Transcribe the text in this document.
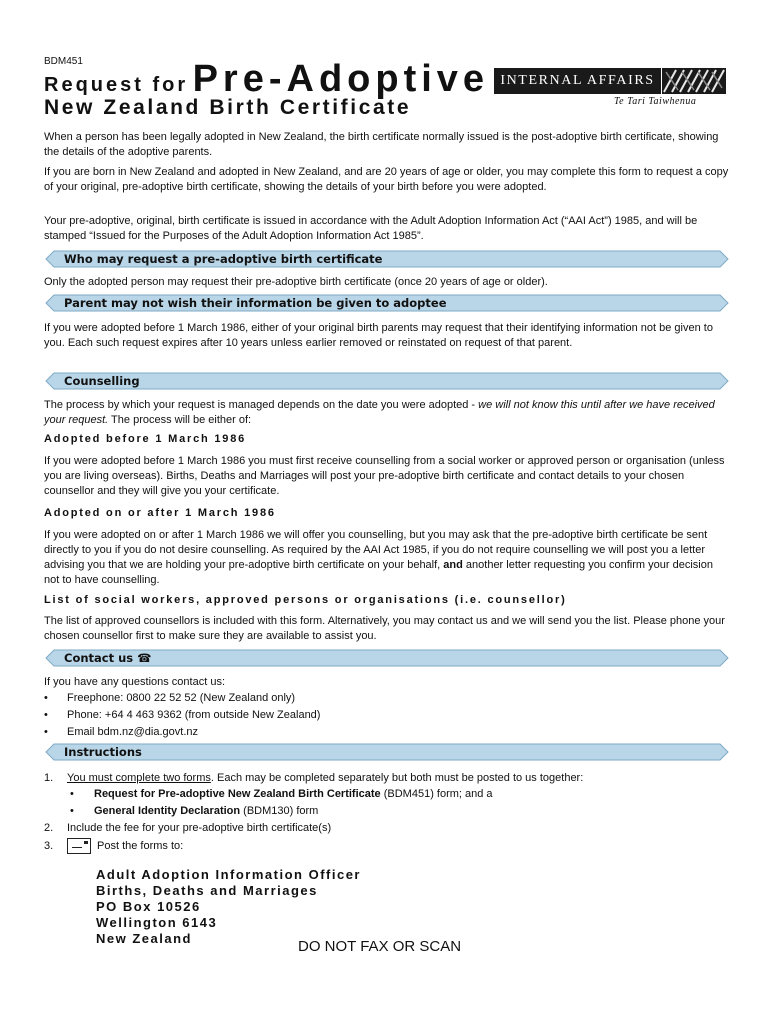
BDM451
Request for Pre-Adoptive
New Zealand Birth Certificate
INTERNAL AFFAIRS
Te Tari Taiwhenua
When a person has been legally adopted in New Zealand, the birth certificate normally issued is the post-adoptive birth certificate, showing the details of the adoptive parents.
If you are born in New Zealand and adopted in New Zealand, and are 20 years of age or older, you may complete this form to request a copy of your original, pre-adoptive birth certificate, showing the details of your birth before you were adopted.
Your pre-adoptive, original, birth certificate is issued in accordance with the Adult Adoption Information Act (“AAI Act”) 1985, and will be stamped “Issued for the Purposes of the Adult Adoption Information Act 1985”.
Who may request a pre-adoptive birth certificate
Only the adopted person may request their pre-adoptive birth certificate (once 20 years of age or older).
Parent may not wish their information be given to adoptee
If you were adopted before 1 March 1986, either of your original birth parents may request that their identifying information not be given to you. Each such request expires after 10 years unless earlier removed or reinstated on request of that parent.
Counselling
The process by which your request is managed depends on the date you were adopted - we will not know this until after we have received your request. The process will be either of:
Adopted before 1 March 1986
If you were adopted before 1 March 1986 you must first receive counselling from a social worker or approved person or organisation (unless you are living overseas). Births, Deaths and Marriages will post your pre-adoptive birth certificate and contact details to your chosen counsellor and they will give you your certificate.
Adopted on or after 1 March 1986
If you were adopted on or after 1 March 1986 we will offer you counselling, but you may ask that the pre-adoptive birth certificate be sent directly to you if you do not desire counselling. As required by the AAI Act 1985, if you do not require counselling we will post you a letter advising you that we are holding your pre-adoptive birth certificate on your behalf, and another letter requesting you confirm your decision not to have counselling.
List of social workers, approved persons or organisations (i.e. counsellor)
The list of approved counsellors is included with this form. Alternatively, you may contact us and we will send you the list. Please phone your chosen counsellor first to make sure they are available to assist you.
Contact us ☎
If you have any questions contact us:
• Freephone: 0800 22 52 52 (New Zealand only)
• Phone: +64 4 463 9362 (from outside New Zealand)
• Email bdm.nz@dia.govt.nz
Instructions
1. You must complete two forms. Each may be completed separately but both must be posted to us together:
• Request for Pre-adoptive New Zealand Birth Certificate (BDM451) form; and a
• General Identity Declaration (BDM130) form
2. Include the fee for your pre-adoptive birth certificate(s)
3.	Post the forms to:
Adult Adoption Information Officer
Births, Deaths and Marriages
PO Box 10526
Wellington 6143
New Zealand	DO NOT FAX OR SCAN
